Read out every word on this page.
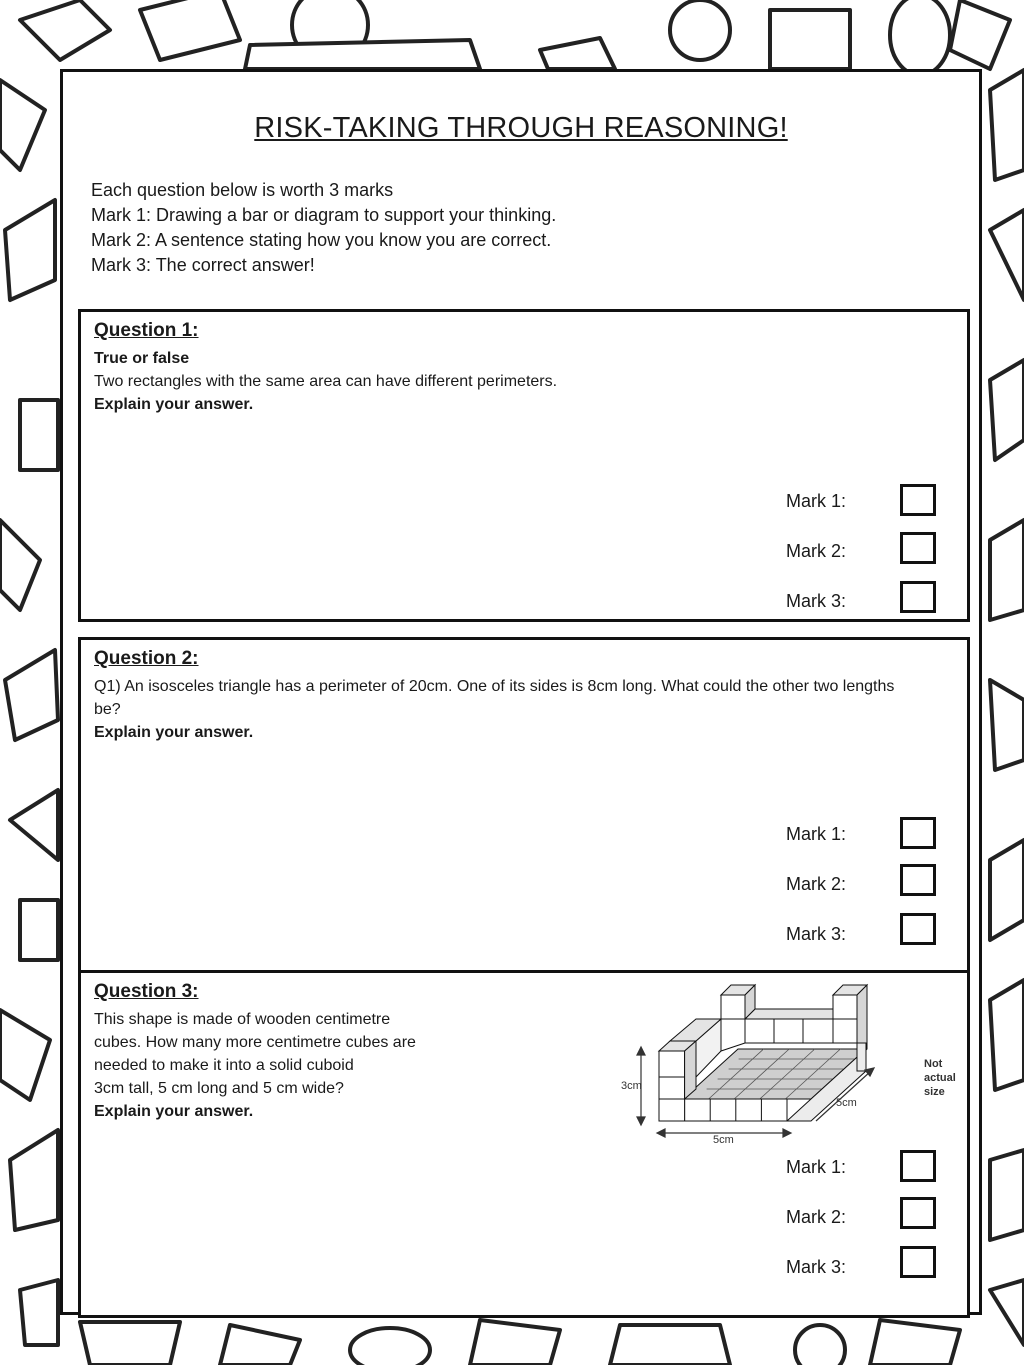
RISK-TAKING THROUGH REASONING!
Each question below is worth 3 marks
Mark 1: Drawing a bar or diagram to support your thinking.
Mark 2: A sentence stating how you know you are correct.
Mark 3: The correct answer!
Question 1:
True or false
Two rectangles with the same area can have different perimeters.
Explain your answer.
Mark 1:
Mark 2:
Mark 3:
Question 2:
Q1) An isosceles triangle has a perimeter of 20cm. One of its sides is 8cm long. What could the other two lengths be?
Explain your answer.
Mark 1:
Mark 2:
Mark 3:
Question 3:
This shape is made of wooden centimetre
cubes. How many more centimetre cubes are
needed to make it into a solid cuboid
3cm tall, 5 cm long and 5 cm wide?
Explain your answer.
3cm
5cm
5cm
Not
actual
size
Mark 1:
Mark 2:
Mark 3:
